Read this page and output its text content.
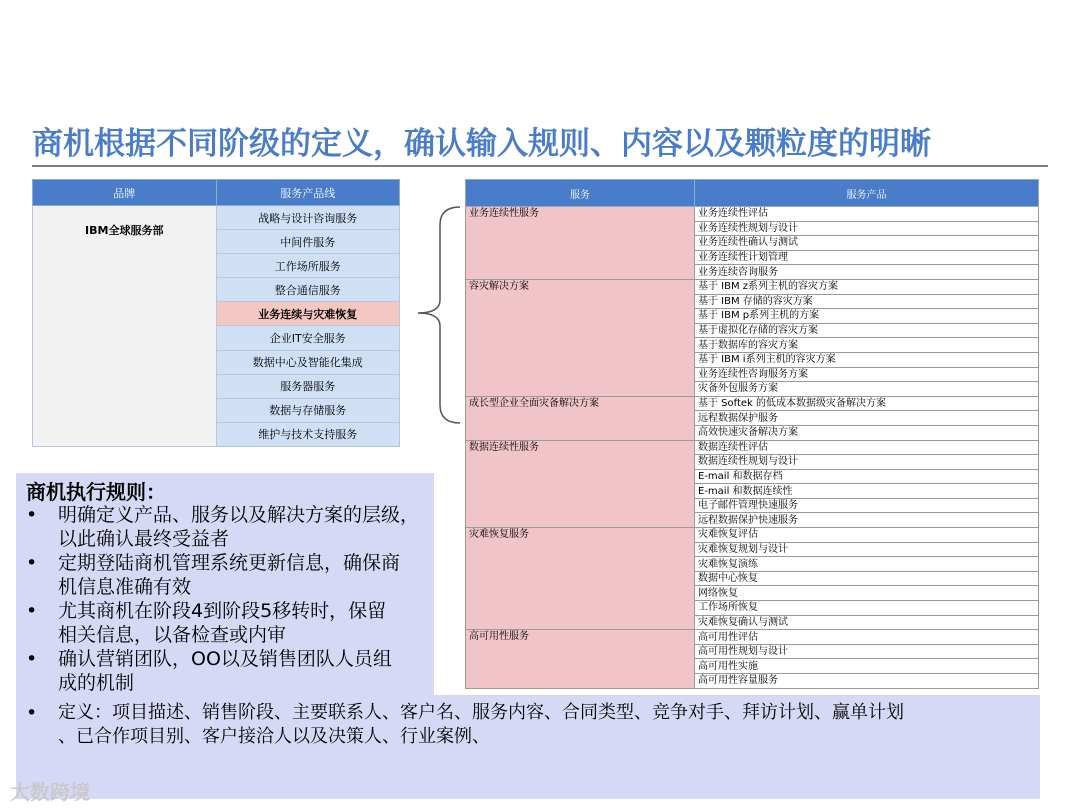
商机根据不同阶级的定义，确认输入规则、内容以及颗粒度的明晰
品牌	服务产品线
IBM全球服务部	战略与设计咨询服务
	中间件服务
	工作场所服务
	整合通信服务
	业务连续与灾难恢复
	企业IT安全服务
	数据中心及智能化集成
	服务器服务
	数据与存储服务
	维护与技术支持服务
服务	服务产品
业务连续性服务	业务连续性评估
	业务连续性规划与设计
	业务连续性确认与测试
	业务连续性计划管理
	业务连续咨询服务
容灾解决方案	基于 IBM z系列主机的容灾方案
	基于 IBM 存储的容灾方案
	基于 IBM p系列主机的方案
	基于虚拟化存储的容灾方案
	基于数据库的容灾方案
	基于 IBM i系列主机的容灾方案
	业务连续性咨询服务方案
	灾备外包服务方案
成长型企业全面灾备解决方案	基于 Softek 的低成本数据级灾备解决方案
	远程数据保护服务
	高效快速灾备解决方案
数据连续性服务	数据连续性评估
	数据连续性规划与设计
	E-mail 和数据存档
	E-mail 和数据连续性
	电子邮件管理快速服务
	远程数据保护快速服务
灾难恢复服务	灾难恢复评估
	灾难恢复规划与设计
	灾难恢复演练
	数据中心恢复
	网络恢复
	工作场所恢复
	灾难恢复确认与测试
高可用性服务	高可用性评估
	高可用性规划与设计
	高可用性实施
	高可用性容量服务
商机执行规则：
• 明确定义产品、服务以及解决方案的层级，
以此确认最终受益者
• 定期登陆商机管理系统更新信息，确保商
机信息准确有效
• 尤其商机在阶段4到阶段5移转时，保留
相关信息，以备检查或内审
• 确认营销团队，OO以及销售团队人员组
成的机制
• 定义：项目描述、销售阶段、主要联系人、客户名、服务内容、合同类型、竞争对手、拜访计划、赢单计划
、已合作项目别、客户接洽人以及决策人、行业案例、
大数跨境
